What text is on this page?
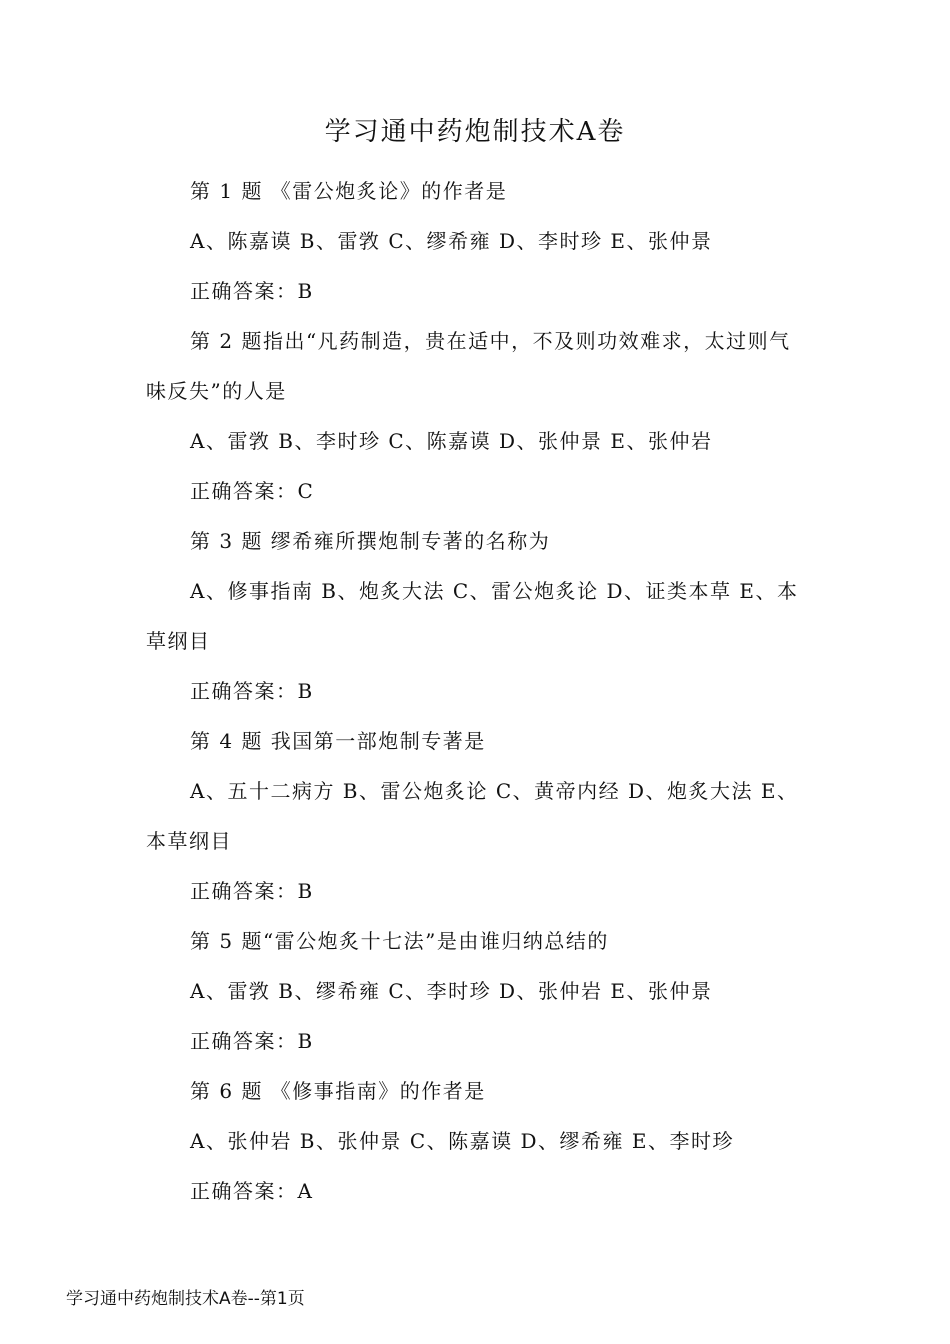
学习通中药炮制技术A卷

第 1 题 《雷公炮炙论》的作者是

A、陈嘉谟 B、雷敩 C、缪希雍 D、李时珍 E、张仲景

正确答案：B

第 2 题指出“凡药制造，贵在适中，不及则功效难求，太过则气味反失”的人是

A、雷敩 B、李时珍 C、陈嘉谟 D、张仲景 E、张仲岩

正确答案：C

第 3 题 缪希雍所撰炮制专著的名称为

A、修事指南 B、炮炙大法 C、雷公炮炙论 D、证类本草 E、本草纲目

正确答案：B

第 4 题 我国第一部炮制专著是

A、五十二病方 B、雷公炮炙论 C、黄帝内经 D、炮炙大法 E、本草纲目

正确答案：B

第 5 题“雷公炮炙十七法”是由谁归纳总结的

A、雷敩 B、缪希雍 C、李时珍 D、张仲岩 E、张仲景

正确答案：B

第 6 题 《修事指南》的作者是

A、张仲岩 B、张仲景 C、陈嘉谟 D、缪希雍 E、李时珍

正确答案：A

学习通中药炮制技术A卷--第1页
